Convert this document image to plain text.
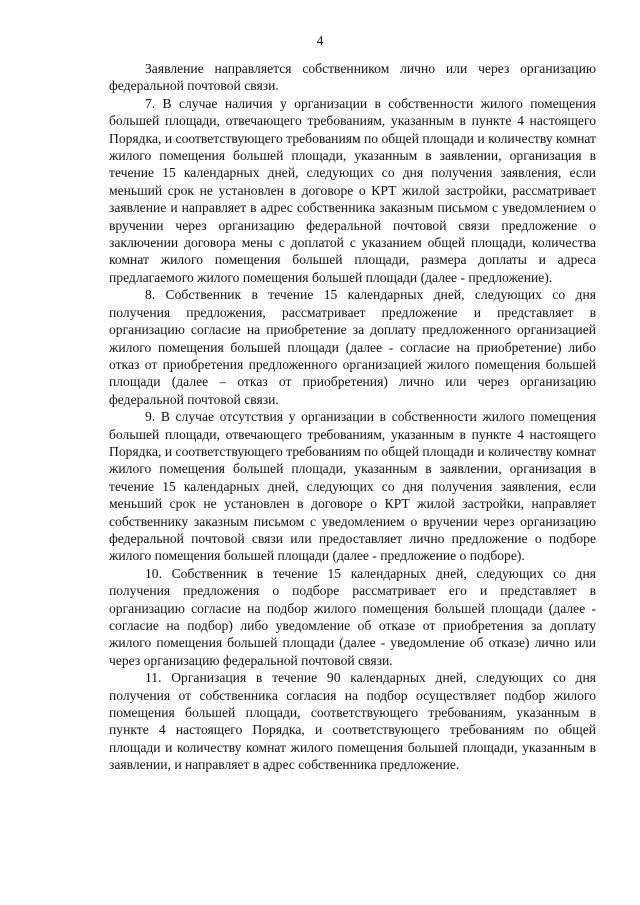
4

Заявление направляется собственником лично или через организацию федеральной почтовой связи.

7. В случае наличия у организации в собственности жилого помещения большей площади, отвечающего требованиям, указанным в пункте 4 настоящего Порядка, и соответствующего требованиям по общей площади и количеству комнат жилого помещения большей площади, указанным в заявлении, организация в течение 15 календарных дней, следующих со дня получения заявления, если меньший срок не установлен в договоре о КРТ жилой застройки, рассматривает заявление и направляет в адрес собственника заказным письмом с уведомлением о вручении через организацию федеральной почтовой связи предложение о заключении договора мены с доплатой с указанием общей площади, количества комнат жилого помещения большей площади, размера доплаты и адреса предлагаемого жилого помещения большей площади (далее - предложение).

8. Собственник в течение 15 календарных дней, следующих со дня получения предложения, рассматривает предложение и представляет в организацию согласие на приобретение за доплату предложенного организацией жилого помещения большей площади (далее - согласие на приобретение) либо отказ от приобретения предложенного организацией жилого помещения большей площади (далее – отказ от приобретения) лично или через организацию федеральной почтовой связи.

9. В случае отсутствия у организации в собственности жилого помещения большей площади, отвечающего требованиям, указанным в пункте 4 настоящего Порядка, и соответствующего требованиям по общей площади и количеству комнат жилого помещения большей площади, указанным в заявлении, организация в течение 15 календарных дней, следующих со дня получения заявления, если меньший срок не установлен в договоре о КРТ жилой застройки, направляет собственнику заказным письмом с уведомлением о вручении через организацию федеральной почтовой связи или предоставляет лично предложение о подборе жилого помещения большей площади (далее - предложение о подборе).

10. Собственник в течение 15 календарных дней, следующих со дня получения предложения о подборе рассматривает его и представляет в организацию согласие на подбор жилого помещения большей площади (далее - согласие на подбор) либо уведомление об отказе от приобретения за доплату жилого помещения большей площади (далее - уведомление об отказе) лично или через организацию федеральной почтовой связи.

11. Организация в течение 90 календарных дней, следующих со дня получения от собственника согласия на подбор осуществляет подбор жилого помещения большей площади, соответствующего требованиям, указанным в пункте 4 настоящего Порядка, и соответствующего требованиям по общей площади и количеству комнат жилого помещения большей площади, указанным в заявлении, и направляет в адрес собственника предложение.
